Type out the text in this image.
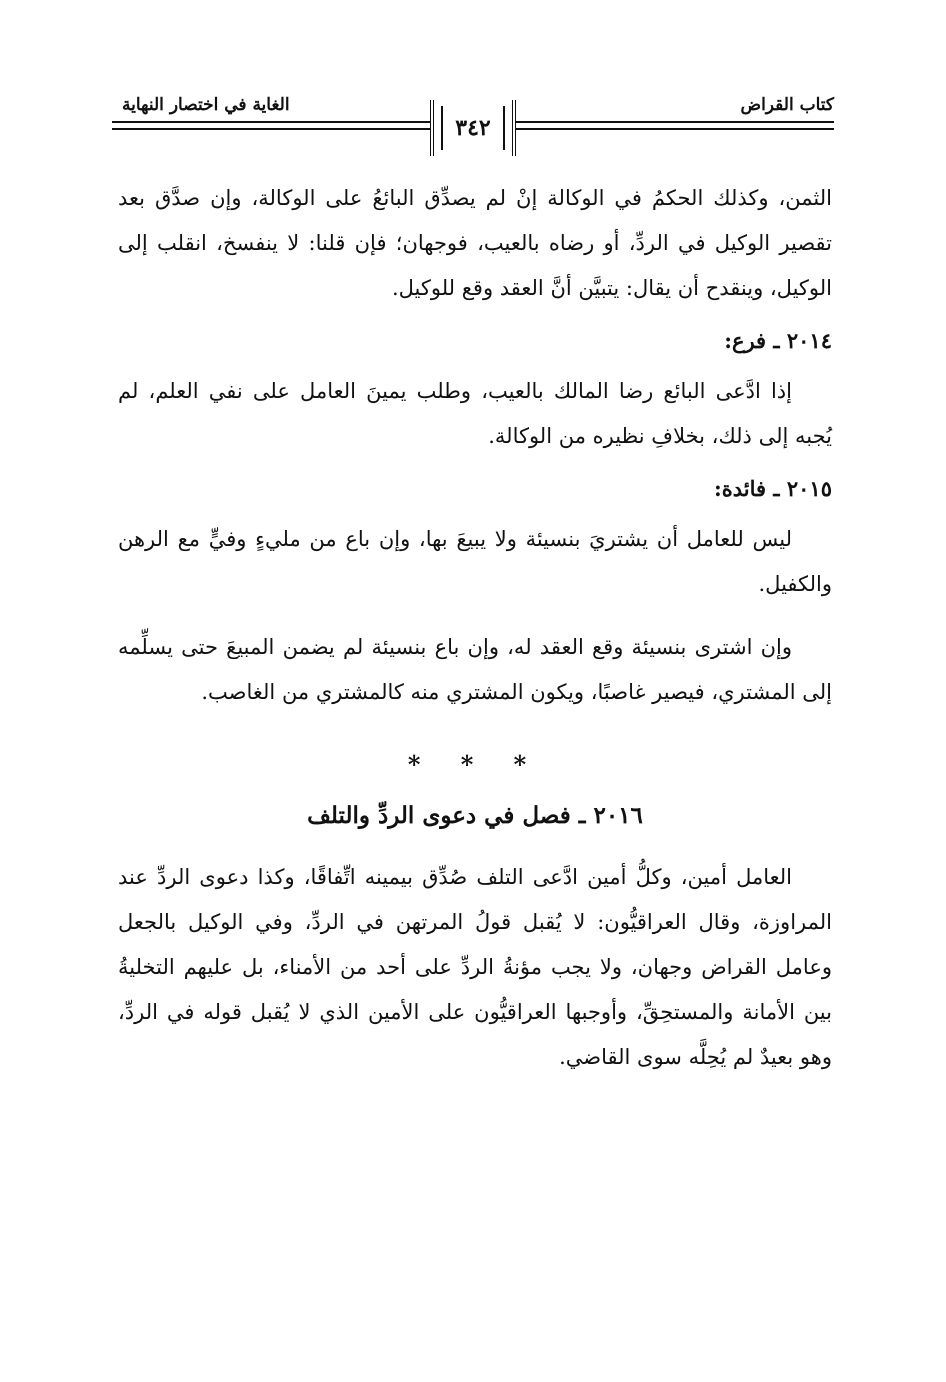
كتاب القراض
الغاية في اختصار النهاية
٣٤٢

الثمن، وكذلك الحكمُ في الوكالة إنْ لم يصدِّق البائعُ على الوكالة، وإن صدَّق بعد تقصير الوكيل في الردِّ، أو رضاه بالعيب، فوجهان؛ فإن قلنا: لا ينفسخ، انقلب إلى الوكيل، وينقدح أن يقال: يتبيَّن أنَّ العقد وقع للوكيل.

٢٠١٤ ـ فرع:

إذا ادَّعى البائع رضا المالك بالعيب، وطلب يمينَ العامل على نفي العلم، لم يُجبه إلى ذلك، بخلافِ نظيره من الوكالة.

٢٠١٥ ـ فائدة:

ليس للعامل أن يشتريَ بنسيئة ولا يبيعَ بها، وإن باع من مليءٍ وفيٍّ مع الرهن والكفيل.

وإن اشترى بنسيئة وقع العقد له، وإن باع بنسيئة لم يضمن المبيعَ حتى يسلِّمه إلى المشتري، فيصير غاصبًا، ويكون المشتري منه كالمشتري من الغاصب.

* * *
٢٠١٦ ـ فصل في دعوى الردِّ والتلف

العامل أمين، وكلُّ أمين ادَّعى التلف صُدِّق بيمينه اتِّفاقًا، وكذا دعوى الردِّ عند المراوزة، وقال العراقيُّون: لا يُقبل قولُ المرتهن في الردِّ، وفي الوكيل بالجعل وعامل القراض وجهان، ولا يجب مؤنةُ الردِّ على أحد من الأمناء، بل عليهم التخليةُ بين الأمانة والمستحِقِّ، وأوجبها العراقيُّون على الأمين الذي لا يُقبل قوله في الردِّ، وهو بعيدٌ لم يُحِلَّه سوى القاضي.
